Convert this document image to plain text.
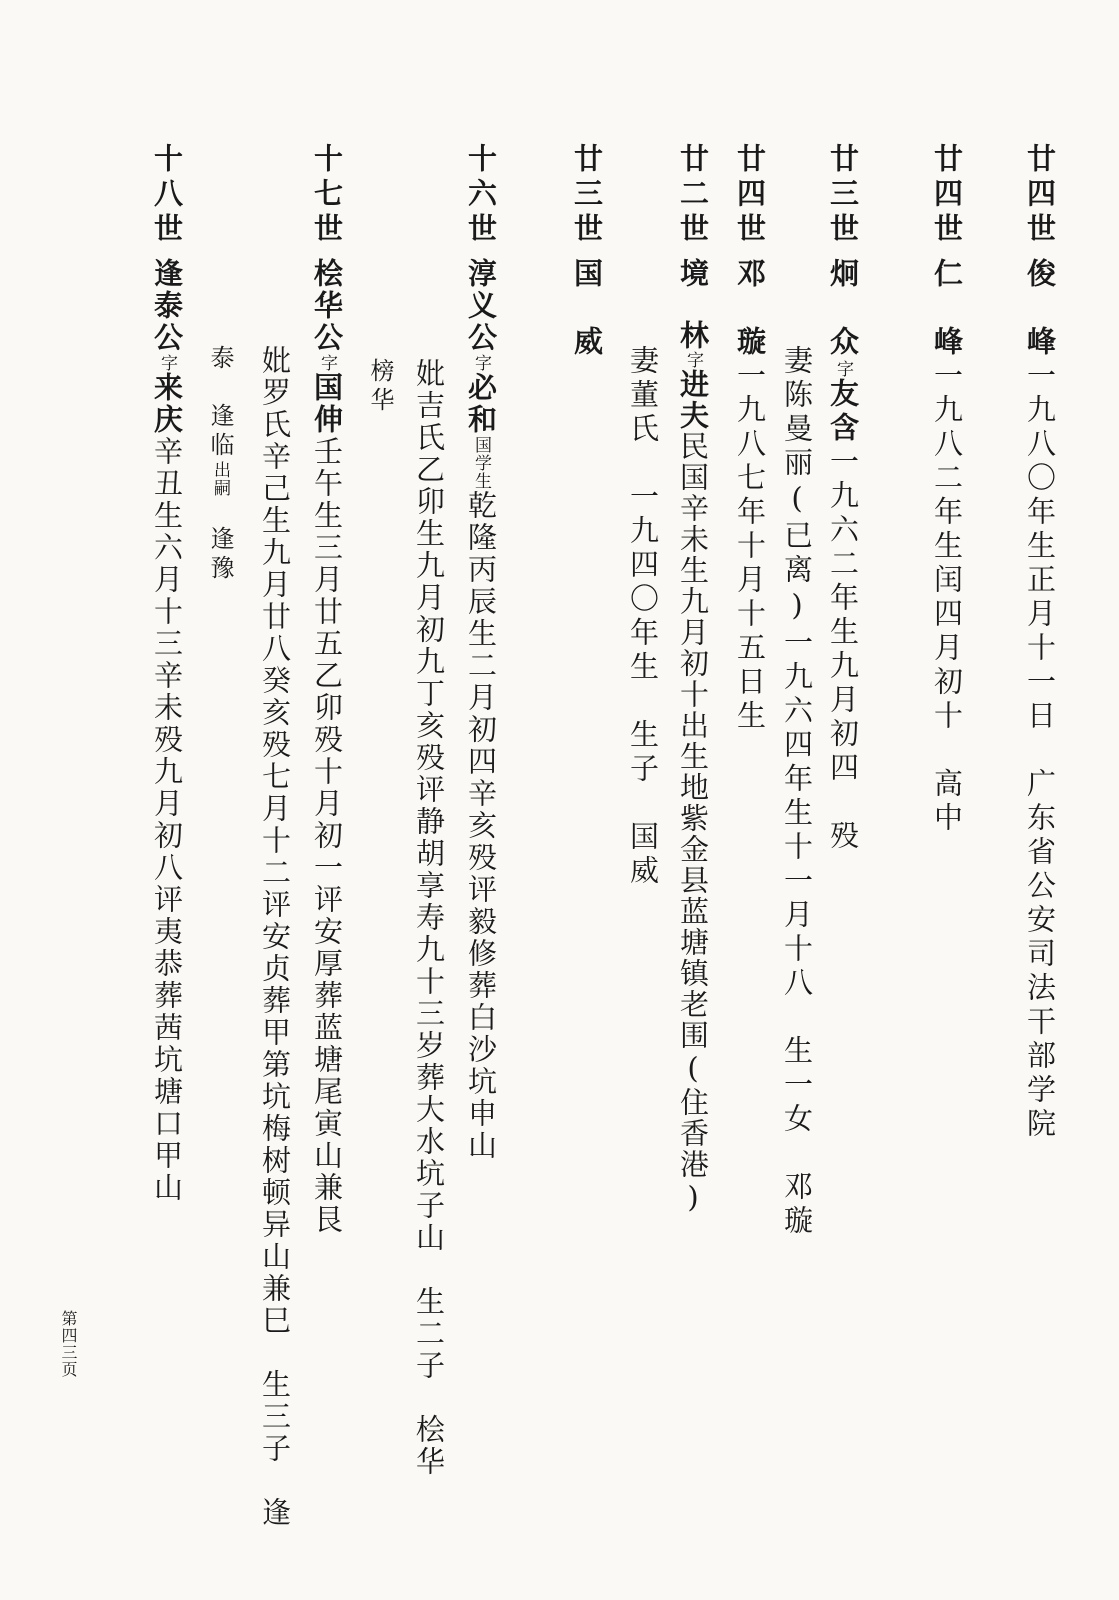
廿四世
俊　峰一九八〇年生正月十一日　广东省公安司法干部学院
廿四世
仁　峰一九八二年生闰四月初十　高中
廿三世
炯　众字友含一九六二年生九月初四　殁
妻陈曼丽(已离)一九六四年生十一月十八　生一女　邓璇
廿四世
邓　璇一九八七年十月十五日生
廿二世
境　林字进夫民国辛未生九月初十出生地紫金县蓝塘镇老围(住香港)
妻董氏　一九四〇年生　生子　国威
廿三世
国　威
十六世
淳义公字必和国学生乾隆丙辰生二月初四辛亥殁评毅修葬白沙坑申山
妣吉氏乙卯生九月初九丁亥殁评静胡享寿九十三岁葬大水坑子山　生二子　桧华
榜华
十七世
桧华公字国伸壬午生三月廿五乙卯殁十月初一评安厚葬蓝塘尾寅山兼艮
妣罗氏辛己生九月廿八癸亥殁七月十二评安贞葬甲第坑梅树顿异山兼巳　生三子　逢
泰　逢临出嗣　逢豫
十八世
逢泰公字来庆辛丑生六月十三辛未殁九月初八评夷恭葬茜坑塘口甲山
第四三页
